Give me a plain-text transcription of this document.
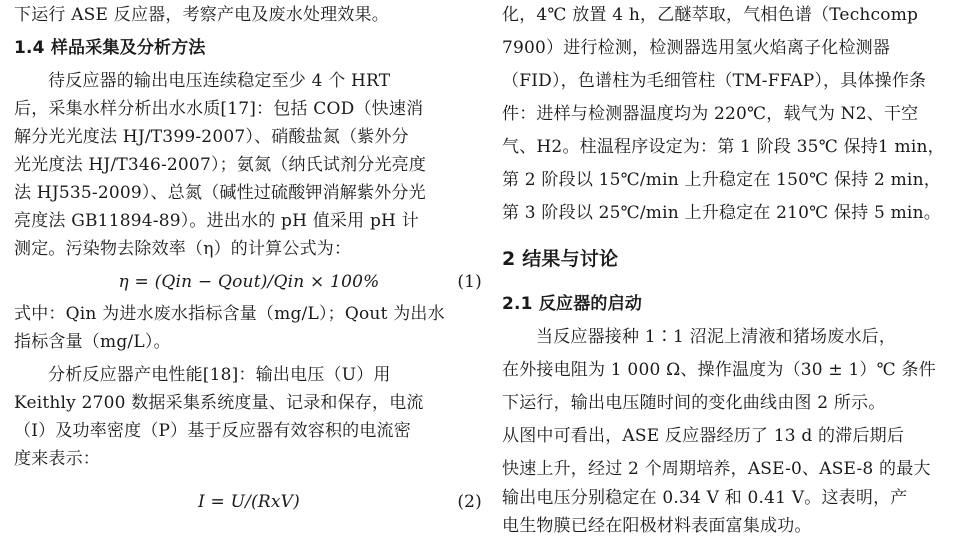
下运行 ASE 反应器，考察产电及废水处理效果。
1.4 样品采集及分析方法
待反应器的输出电压连续稳定至少 4 个 HRT
后，采集水样分析出水水质[17]：包括 COD（快速消
解分光光度法 HJ/T399-2007）、硝酸盐氮（紫外分
光光度法 HJ/T346-2007）；氨氮（纳氏试剂分光亮度
法 HJ535-2009）、总氮（碱性过硫酸钾消解紫外分光
亮度法 GB11894-89）。进出水的 pH 值采用 pH 计
测定。污染物去除效率（η）的计算公式为：
η = (Qin − Qout)/Qin × 100%	(1)
式中：Qin 为进水废水指标含量（mg/L）；Qout 为出水
指标含量（mg/L）。
分析反应器产电性能[18]：输出电压（U）用
Keithly 2700 数据采集系统度量、记录和保存，电流
（I）及功率密度（P）基于反应器有效容积的电流密
度来表示：
I = U/(RxV)	(2)
化，4℃ 放置 4 h，乙醚萃取，气相色谱（Techcomp
7900）进行检测，检测器选用氢火焰离子化检测器
（FID），色谱柱为毛细管柱（TM-FFAP），具体操作条
件：进样与检测器温度均为 220℃，载气为 N2、干空
气、H2。柱温程序设定为：第 1 阶段 35℃ 保持1 min，
第 2 阶段以 15℃/min 上升稳定在 150℃ 保持 2 min，
第 3 阶段以 25℃/min 上升稳定在 210℃ 保持 5 min。
2 结果与讨论
2.1 反应器的启动
当反应器接种 1∶1 沼泥上清液和猪场废水后，
在外接电阻为 1 000 Ω、操作温度为（30 ± 1）℃ 条件
下运行，输出电压随时间的变化曲线由图 2 所示。
从图中可看出，ASE 反应器经历了 13 d 的滞后期后
快速上升，经过 2 个周期培养，ASE-0、ASE-8 的最大
输出电压分别稳定在 0.34 V 和 0.41 V。这表明，产
电生物膜已经在阳极材料表面富集成功。
